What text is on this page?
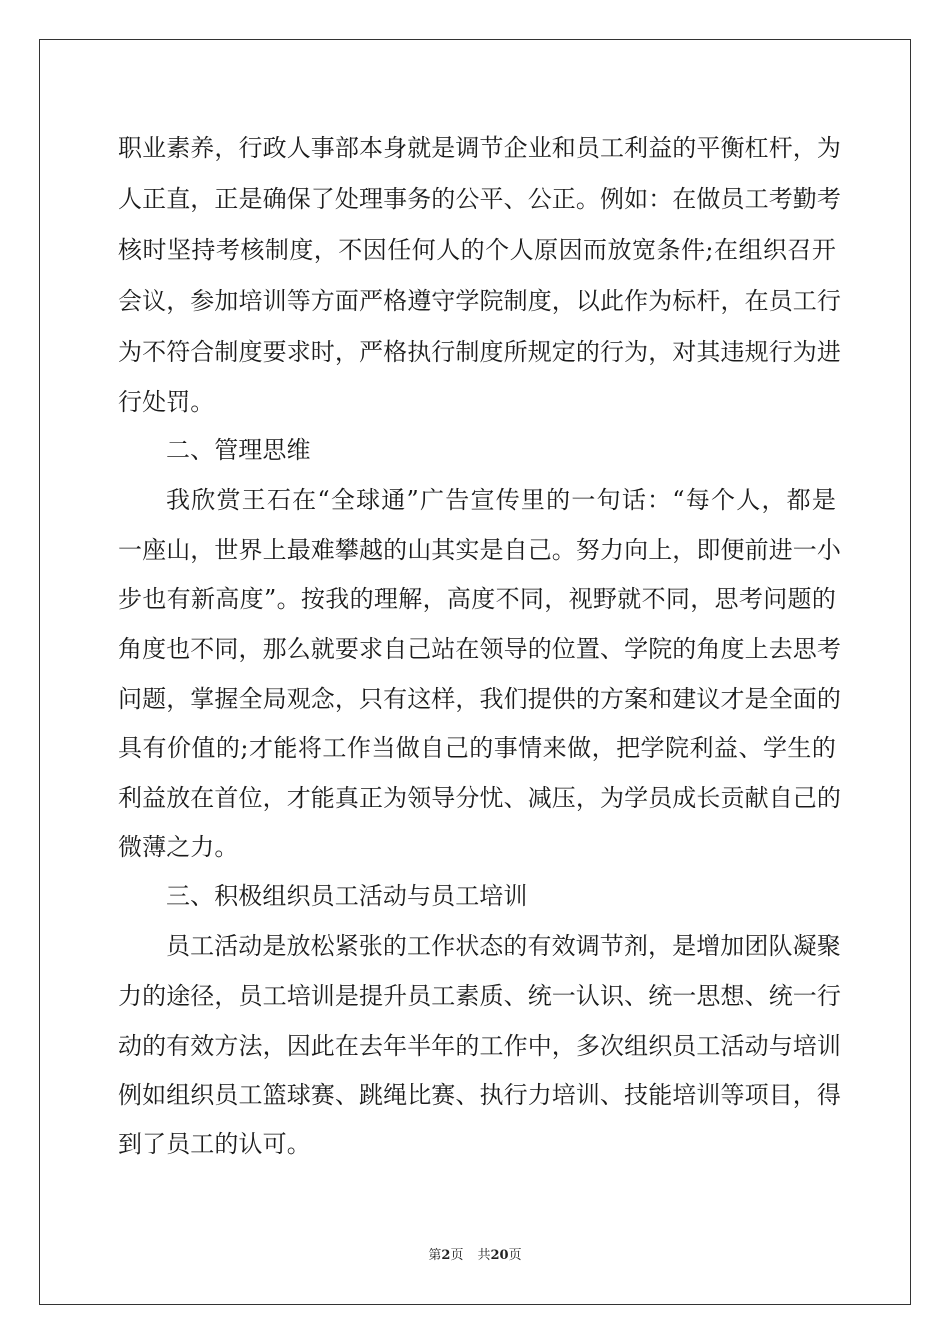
职业素养，行政人事部本身就是调节企业和员工利益的平衡杠杆，为
人正直，正是确保了处理事务的公平、公正。例如：在做员工考勤考
核时坚持考核制度，不因任何人的个人原因而放宽条件;在组织召开
会议，参加培训等方面严格遵守学院制度，以此作为标杆，在员工行
为不符合制度要求时，严格执行制度所规定的行为，对其违规行为进
行处罚。
二、管理思维
我欣赏王石在“全球通”广告宣传里的一句话：“每个人，都是
一座山，世界上最难攀越的山其实是自己。努力向上，即便前进一小
步也有新高度”。按我的理解，高度不同，视野就不同，思考问题的
角度也不同，那么就要求自己站在领导的位置、学院的角度上去思考
问题，掌握全局观念，只有这样，我们提供的方案和建议才是全面的
具有价值的;才能将工作当做自己的事情来做，把学院利益、学生的
利益放在首位，才能真正为领导分忧、减压，为学员成长贡献自己的
微薄之力。
三、积极组织员工活动与员工培训
员工活动是放松紧张的工作状态的有效调节剂，是增加团队凝聚
力的途径，员工培训是提升员工素质、统一认识、统一思想、统一行
动的有效方法，因此在去年半年的工作中，多次组织员工活动与培训
例如组织员工篮球赛、跳绳比赛、执行力培训、技能培训等项目，得
到了员工的认可。
第2页 共20页
